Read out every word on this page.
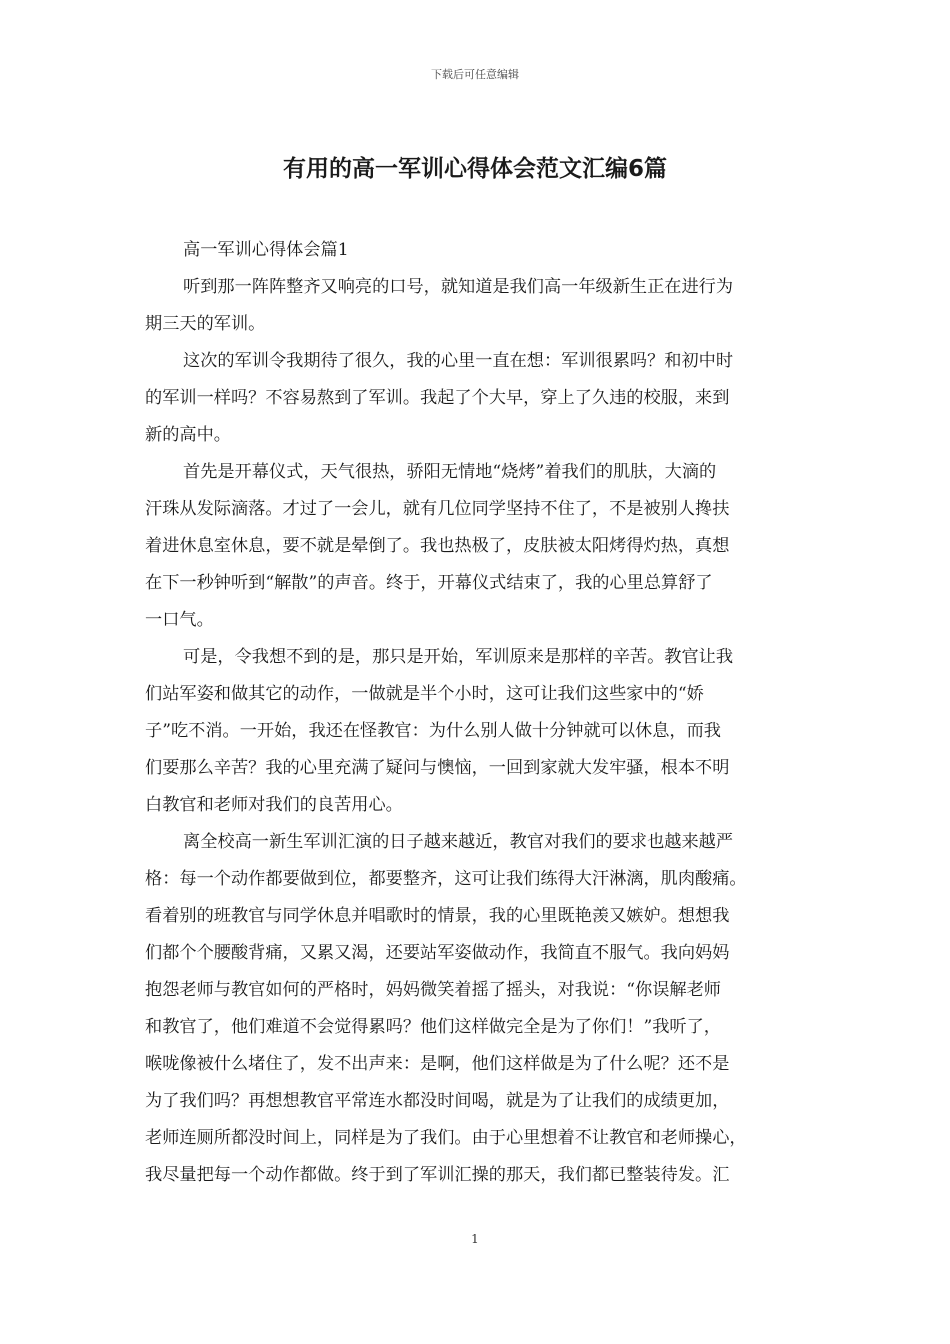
下载后可任意编辑
有用的高一军训心得体会范文汇编6篇
高一军训心得体会篇1
听到那一阵阵整齐又响亮的口号，就知道是我们高一年级新生正在进行为
期三天的军训。
这次的军训令我期待了很久，我的心里一直在想：军训很累吗？和初中时
的军训一样吗？不容易熬到了军训。我起了个大早，穿上了久违的校服，来到
新的高中。
首先是开幕仪式，天气很热，骄阳无情地“烧烤”着我们的肌肤，大滴的
汗珠从发际滴落。才过了一会儿，就有几位同学坚持不住了，不是被别人搀扶
着进休息室休息，要不就是晕倒了。我也热极了，皮肤被太阳烤得灼热，真想
在下一秒钟听到“解散”的声音。终于，开幕仪式结束了，我的心里总算舒了
一口气。
可是，令我想不到的是，那只是开始，军训原来是那样的辛苦。教官让我
们站军姿和做其它的动作，一做就是半个小时，这可让我们这些家中的“娇
子”吃不消。一开始，我还在怪教官：为什么别人做十分钟就可以休息，而我
们要那么辛苦？我的心里充满了疑问与懊恼，一回到家就大发牢骚，根本不明
白教官和老师对我们的良苦用心。
离全校高一新生军训汇演的日子越来越近，教官对我们的要求也越来越严
格：每一个动作都要做到位，都要整齐，这可让我们练得大汗淋漓，肌肉酸痛。
看着别的班教官与同学休息并唱歌时的情景，我的心里既艳羡又嫉妒。想想我
们都个个腰酸背痛，又累又渴，还要站军姿做动作，我简直不服气。我向妈妈
抱怨老师与教官如何的严格时，妈妈微笑着摇了摇头，对我说：“你误解老师
和教官了，他们难道不会觉得累吗？他们这样做完全是为了你们！”我听了，
喉咙像被什么堵住了，发不出声来：是啊，他们这样做是为了什么呢？还不是
为了我们吗？再想想教官平常连水都没时间喝，就是为了让我们的成绩更加，
老师连厕所都没时间上，同样是为了我们。由于心里想着不让教官和老师操心，
我尽量把每一个动作都做。终于到了军训汇操的那天，我们都已整装待发。汇
1
